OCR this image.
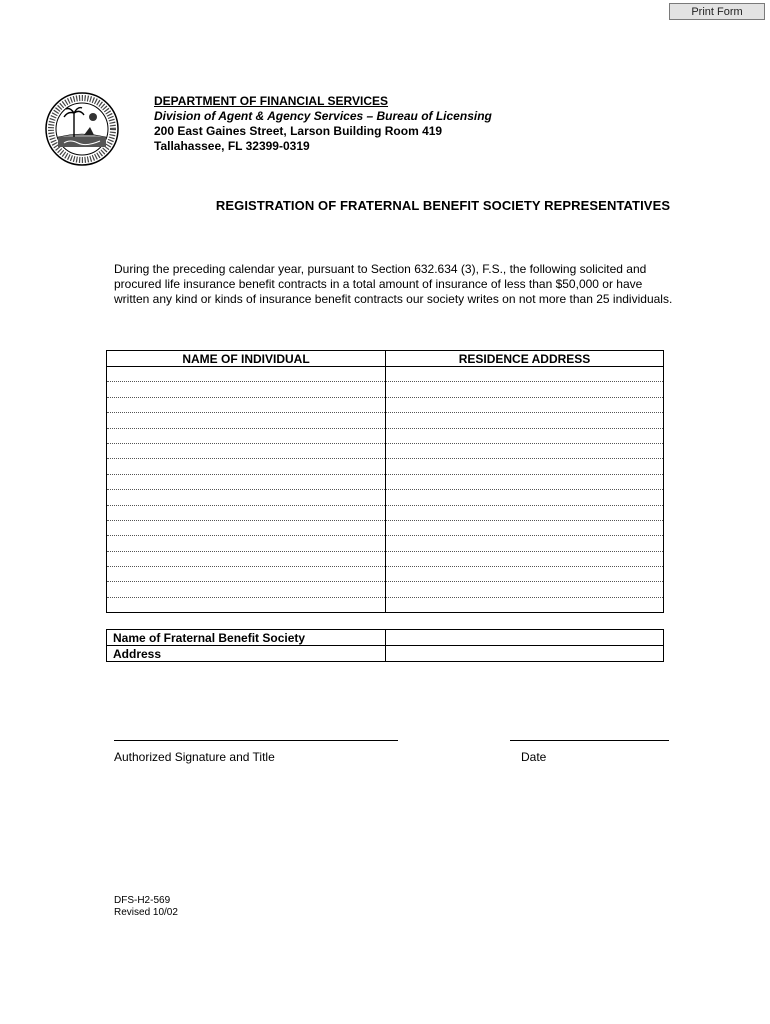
Print Form
DEPARTMENT OF FINANCIAL SERVICES
Division of Agent & Agency Services – Bureau of Licensing
200 East Gaines Street, Larson Building Room 419
Tallahassee, FL 32399-0319
REGISTRATION OF FRATERNAL BENEFIT SOCIETY REPRESENTATIVES
During the preceding calendar year, pursuant to Section 632.634 (3), F.S., the following solicited and procured life insurance benefit contracts in a total amount of insurance of less than $50,000 or have written any kind or kinds of insurance benefit contracts our society writes on not more than 25 individuals.
NAME OF INDIVIDUAL	RESIDENCE ADDRESS

Name of Fraternal Benefit Society	
Address	
Authorized Signature and Title	Date
DFS-H2-569
Revised 10/02
